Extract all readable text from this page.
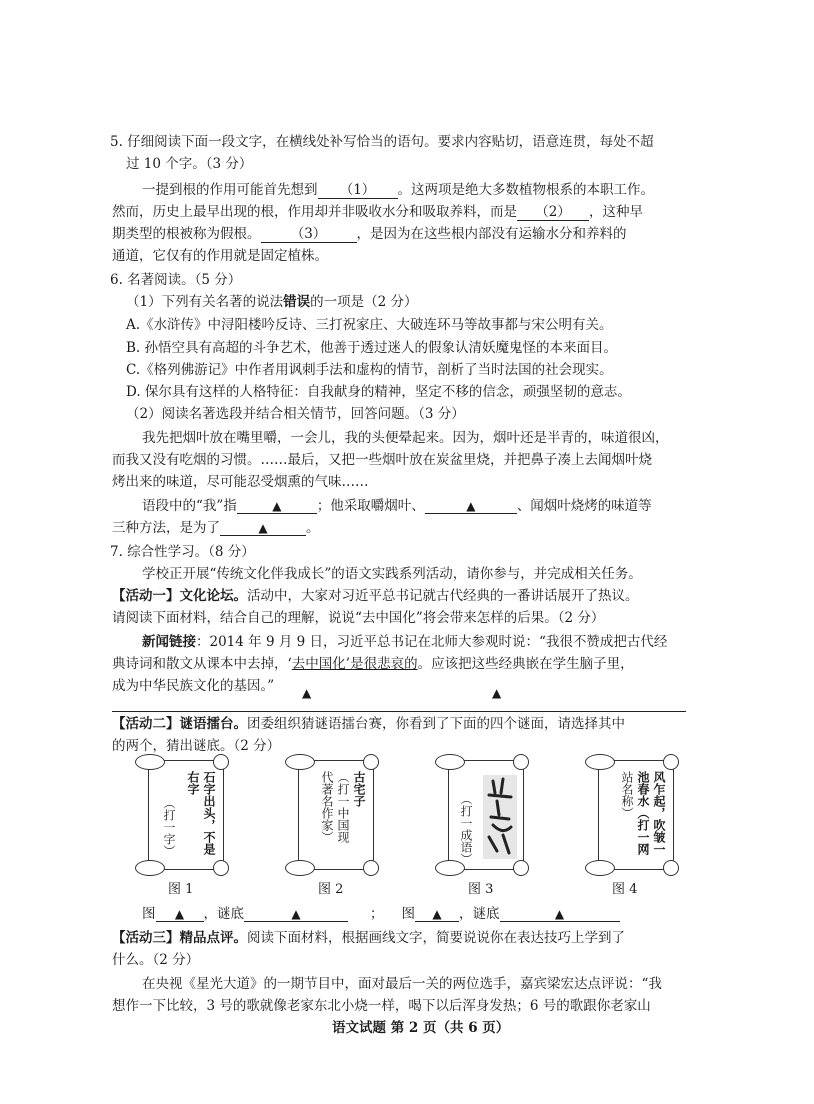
5. 仔细阅读下面一段文字，在横线处补写恰当的语句。要求内容贴切，语意连贯，每处不超
过 10 个字。（3 分）
一提到根的作用可能首先想到 （1） 。这两项是绝大多数植物根系的本职工作。
然而，历史上最早出现的根，作用却并非吸收水分和吸取养料，而是 （2） ，这种早
期类型的根被称为假根。 （3） ，是因为在这些根内部没有运输水分和养料的
通道，它仅有的作用就是固定植株。
6. 名著阅读。（5 分）
（1）下列有关名著的说法错误的一项是（2 分）
A.《水浒传》中浔阳楼吟反诗、三打祝家庄、大破连环马等故事都与宋公明有关。
B. 孙悟空具有高超的斗争艺术，他善于透过迷人的假象认清妖魔鬼怪的本来面目。
C.《格列佛游记》中作者用讽刺手法和虚构的情节，剖析了当时法国的社会现实。
D. 保尔具有这样的人格特征：自我献身的精神，坚定不移的信念，顽强坚韧的意志。
（2）阅读名著选段并结合相关情节，回答问题。（3 分）
我先把烟叶放在嘴里嚼，一会儿，我的头便晕起来。因为，烟叶还是半青的，味道很凶，
而我又没有吃烟的习惯。……最后，又把一些烟叶放在炭盆里烧，并把鼻子凑上去闻烟叶烧
烤出来的味道，尽可能忍受烟熏的气味……
语段中的“我”指	▲	；他采取嚼烟叶、	▲	、闻烟叶烧烤的味道等
三种方法，是为了	▲	。
7. 综合性学习。（8 分）
学校正开展“传统文化伴我成长”的语文实践系列活动，请你参与，并完成相关任务。
【活动一】文化论坛。活动中，大家对习近平总书记就古代经典的一番讲话展开了热议。
请阅读下面材料，结合自己的理解，说说“去中国化”将会带来怎样的后果。（2 分）
新闻链接：2014 年 9 月 9 日，习近平总书记在北师大参观时说：“我很不赞成把古代经
典诗词和散文从课本中去掉，‘去中国化’是很悲哀的。应该把这些经典嵌在学生脑子里，
成为中华民族文化的基因。” ▲	▲
【活动二】谜语擂台。团委组织猜谜语擂台赛，你看到了下面的四个谜面，请选择其中
的两个，猜出谜底。（2 分）
石字出头，不是
右字
（打一字）
图 1
古宅子
（打一中国现
代著名作家）
图 2
（打一成语）
图 3
风乍起，吹皱一
池春水（打一网
站名称）
图 4
图 ▲ ，谜底	▲	； 图 ▲ ，谜底	▲
【活动三】精品点评。阅读下面材料，根据画线文字，简要说说你在表达技巧上学到了
什么。（2 分）
在央视《星光大道》的一期节目中，面对最后一关的两位选手，嘉宾梁宏达点评说：“我
想作一下比较，3 号的歌就像老家东北小烧一样，喝下以后浑身发热；6 号的歌跟你老家山
语文试题 第 2 页（共 6 页）
